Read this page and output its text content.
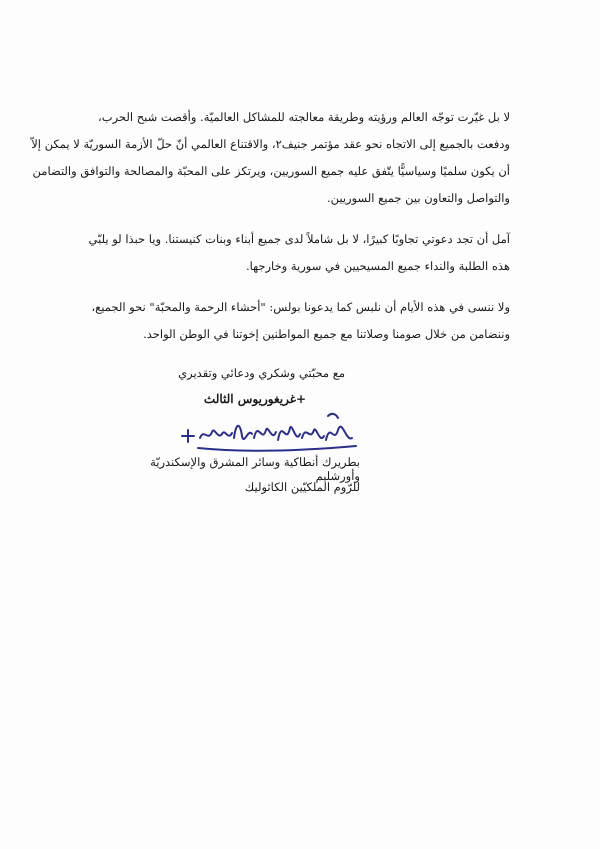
لا بل غيّرت توجّه العالم ورؤيته وطريقة معالجته للمشاكل العالميّة. وأقصت شبح الحرب،
ودفعت بالجميع إلى الاتجاه نحو عقد مؤتمر جنيف٢، والاقتناع العالمي أنّ حلّ الأزمة السوريّة لا يمكن إلاّ
أن يكون سلميًا وسياسيًّا يتّفق عليه جميع السوريين، ويرتكز على المحبّة والمصالحة والتوافق والتضامن
والتواصل والتعاون بين جميع السوريين.

آمل أن تجد دعوتي تجاوبًا كبيرًا، لا بل شاملاً لدى جميع أبناء وبنات كنيستنا. ويا حبذا لو يلبّي
هذه الطلبة والنداء جميع المسيحيين في سورية وخارجها.

ولا ننسى في هذه الأيام أن نلبس كما يدعونا بولس: "أحشاء الرحمة والمحبّة" نحو الجميع،
وننضامن من خلال صومنا وصلاتنا مع جميع المواطنين إخوتنا في الوطن الواحد.

مع محبّتي وشكري ودعائي وتقديري
+غريغوريوس الثالث
بطريرك أنطاكية وسائر المشرق والإسكندريّة وأورشليم
للرّوم الملكيّين الكاثوليك
